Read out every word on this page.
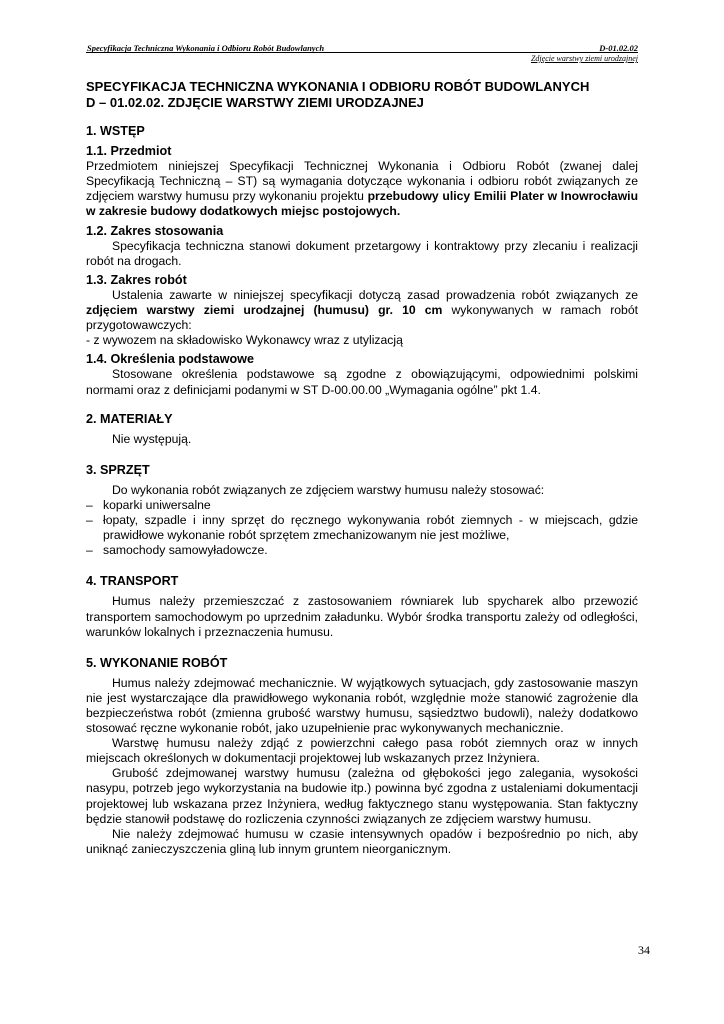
Specyfikacja Techniczna Wykonania i Odbioru Robót Budowlanych	D-01.02.02
Zdjęcie warstwy ziemi urodzajnej

SPECYFIKACJA TECHNICZNA WYKONANIA I ODBIORU ROBÓT BUDOWLANYCH
D – 01.02.02. ZDJĘCIE WARSTWY ZIEMI URODZAJNEJ

1. WSTĘP

1.1. Przedmiot

Przedmiotem niniejszej Specyfikacji Technicznej Wykonania i Odbioru Robót (zwanej dalej Specyfikacją Techniczną – ST) są wymagania dotyczące wykonania i odbioru robót związanych ze zdjęciem warstwy humusu przy wykonaniu projektu przebudowy ulicy Emilii Plater w Inowrocławiu w zakresie budowy dodatkowych miejsc postojowych.

1.2. Zakres stosowania

Specyfikacja techniczna stanowi dokument przetargowy i kontraktowy przy zlecaniu i realizacji robót na drogach.

1.3. Zakres robót

Ustalenia zawarte w niniejszej specyfikacji dotyczą zasad prowadzenia robót związanych ze zdjęciem warstwy ziemi urodzajnej (humusu) gr. 10 cm wykonywanych w ramach robót przygotowawczych:

- z wywozem na składowisko Wykonawcy wraz z utylizacją

1.4. Określenia podstawowe

Stosowane określenia podstawowe są zgodne z obowiązującymi, odpowiednimi polskimi normami oraz z definicjami podanymi w ST D-00.00.00 „Wymagania ogólne” pkt 1.4.

2. MATERIAŁY

Nie występują.

3. SPRZĘT

Do wykonania robót związanych ze zdjęciem warstwy humusu należy stosować:

– koparki uniwersalne
– łopaty, szpadle i inny sprzęt do ręcznego wykonywania robót ziemnych - w miejscach, gdzie prawidłowe wykonanie robót sprzętem zmechanizowanym nie jest możliwe,
– samochody samowyładowcze.

4. TRANSPORT

Humus należy przemieszczać z zastosowaniem równiarek lub spycharek albo przewozić transportem samochodowym po uprzednim załadunku. Wybór środka transportu zależy od odległości, warunków lokalnych i przeznaczenia humusu.

5. WYKONANIE ROBÓT

Humus należy zdejmować mechanicznie. W wyjątkowych sytuacjach, gdy zastosowanie maszyn nie jest wystarczające dla prawidłowego wykonania robót, względnie może stanowić zagrożenie dla bezpieczeństwa robót (zmienna grubość warstwy humusu, sąsiedztwo budowli), należy dodatkowo stosować ręczne wykonanie robót, jako uzupełnienie prac wykonywanych mechanicznie.

Warstwę humusu należy zdjąć z powierzchni całego pasa robót ziemnych oraz w innych miejscach określonych w dokumentacji projektowej lub wskazanych przez Inżyniera.

Grubość zdejmowanej warstwy humusu (zależna od głębokości jego zalegania, wysokości nasypu, potrzeb jego wykorzystania na budowie itp.) powinna być zgodna z ustaleniami dokumentacji projektowej lub wskazana przez Inżyniera, według faktycznego stanu występowania. Stan faktyczny będzie stanowił podstawę do rozliczenia czynności związanych ze zdjęciem warstwy humusu.

Nie należy zdejmować humusu w czasie intensywnych opadów i bezpośrednio po nich, aby uniknąć zanieczyszczenia gliną lub innym gruntem nieorganicznym.

34
